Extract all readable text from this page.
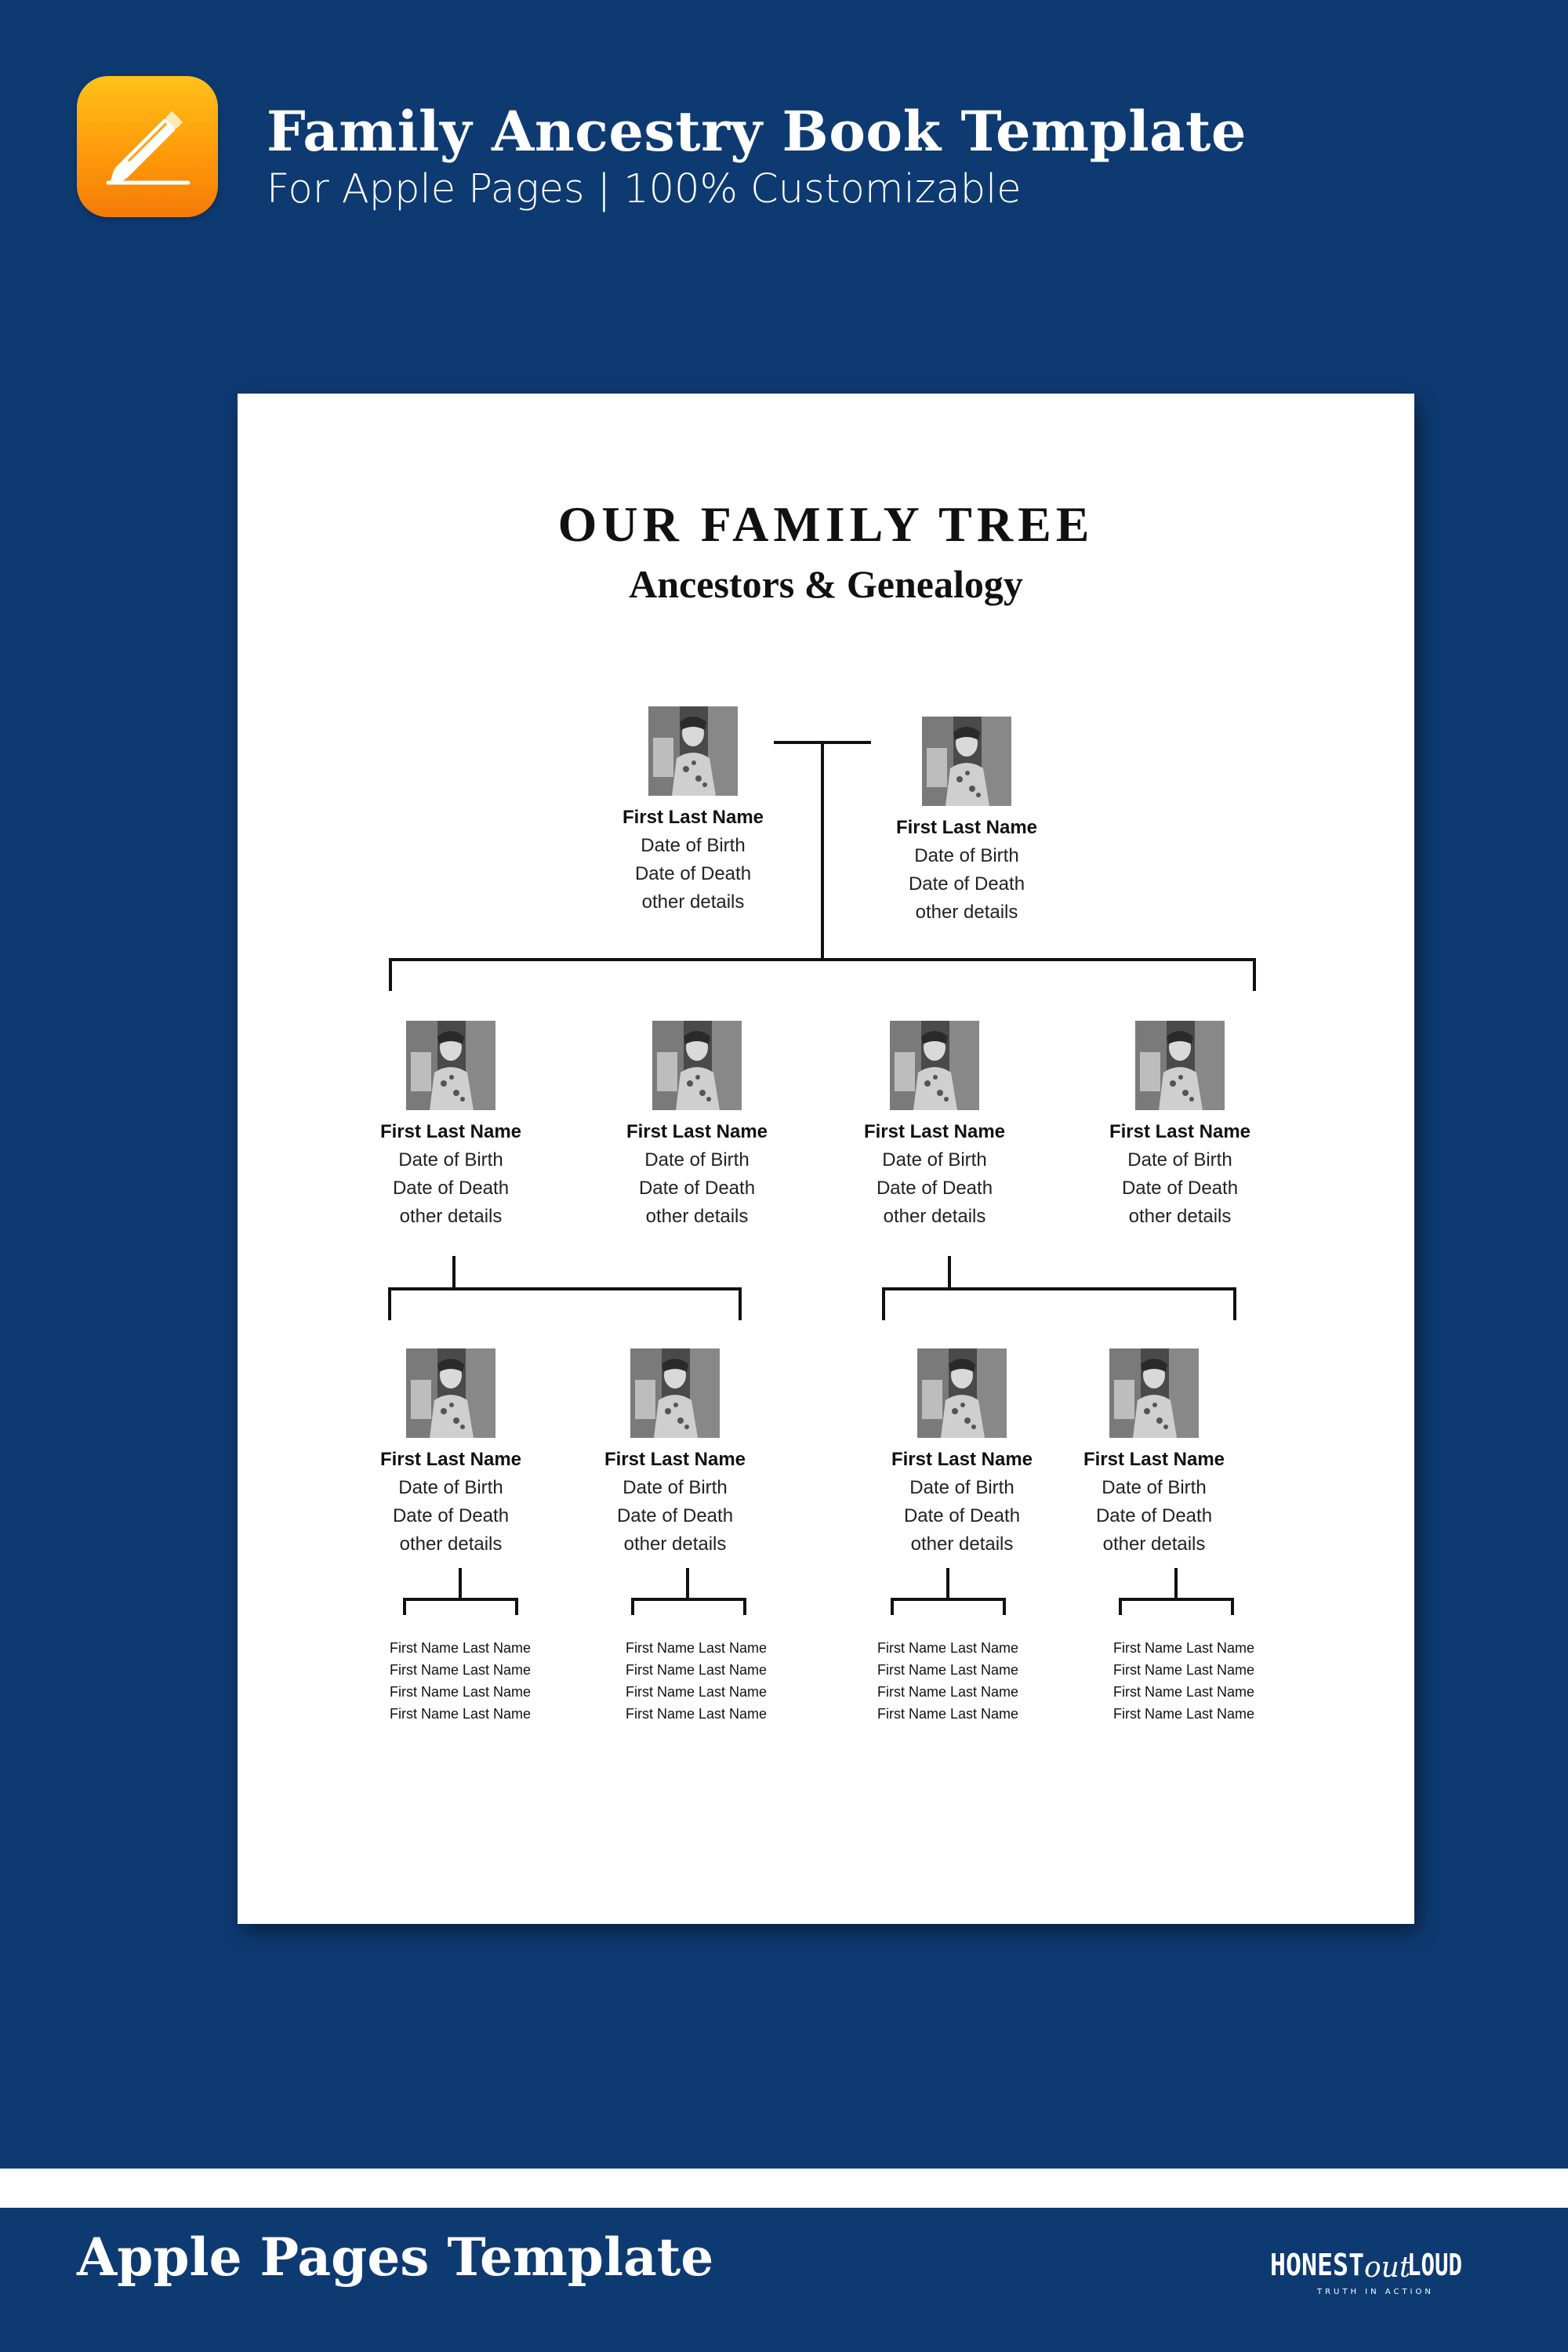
Family Ancestry Book Template
For Apple Pages | 100% Customizable
OUR FAMILY TREE
Ancestors & Genealogy
First Last Name
Date of Birth
Date of Death
other details
First Last Name
Date of Birth
Date of Death
other details
First Last Name
Date of Birth
Date of Death
other details
First Last Name
Date of Birth
Date of Death
other details
First Last Name
Date of Birth
Date of Death
other details
First Last Name
Date of Birth
Date of Death
other details
First Last Name
Date of Birth
Date of Death
other details
First Last Name
Date of Birth
Date of Death
other details
First Last Name
Date of Birth
Date of Death
other details
First Last Name
Date of Birth
Date of Death
other details
First Name Last Name
First Name Last Name
First Name Last Name
First Name Last Name
First Name Last Name
First Name Last Name
First Name Last Name
First Name Last Name
First Name Last Name
First Name Last Name
First Name Last Name
First Name Last Name
First Name Last Name
First Name Last Name
First Name Last Name
First Name Last Name
Apple Pages Template	HONEST out
LOUD
TRUTH IN ACTION
